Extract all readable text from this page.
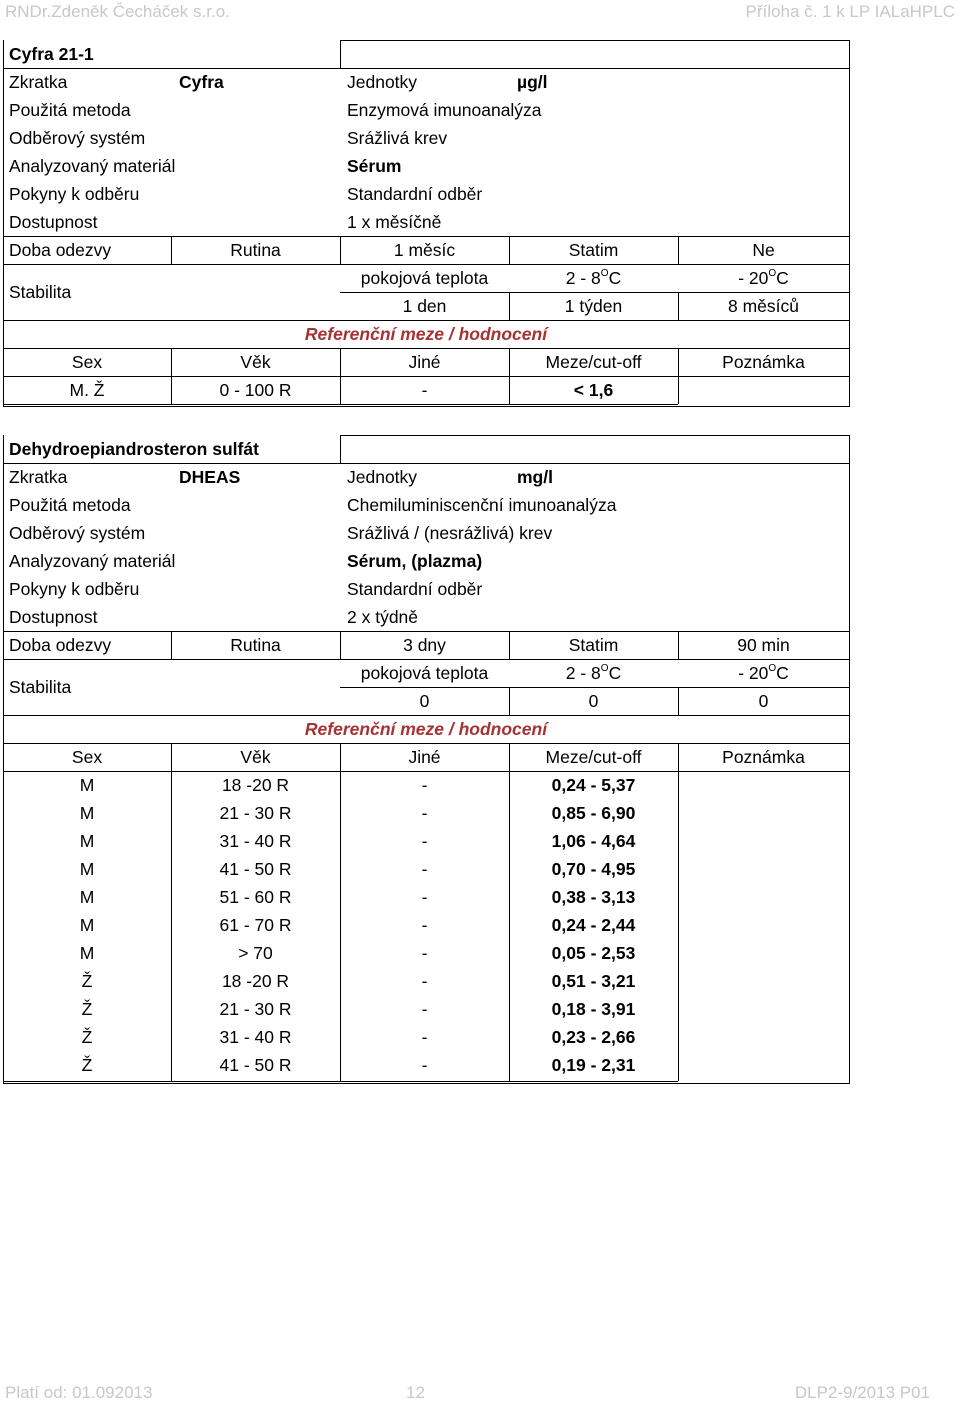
RNDr.Zdeněk Čecháček s.r.o.	Příloha č. 1 k LP IALaHPLC
Cyfra 21-1
Zkratka	Cyfra	Jednotky	µg/l
Použitá metoda	Enzymová imunoanalýza
Odběrový systém	Srážlivá krev
Analyzovaný materiál	Sérum
Pokyny k odběru	Standardní odběr
Dostupnost	1 x měsíčně
Doba odezvy	Rutina	1 měsíc	Statim	Ne
Stabilita
pokojová teplota	$2 - 8^OC$	- $20^OC$
1 den	1 týden	8 měsíců
Referenční meze / hodnocení
Sex	Věk	Jiné	Meze/cut-off	Poznámka
M. Ž	0 - 100 R	-	< 1,6
Dehydroepiandrosteron sulfát
Zkratka	DHEAS	Jednotky	mg/l
Použitá metoda	Chemiluminiscenční imunoanalýza
Odběrový systém	Srážlivá / (nesrážlivá) krev
Analyzovaný materiál	Sérum, (plazma)
Pokyny k odběru	Standardní odběr
Dostupnost	2 x týdně
Doba odezvy	Rutina	3 dny	Statim	90 min
Stabilita
pokojová teplota	$2 - 8^OC$	- $20^OC$
0	0	0
Referenční meze / hodnocení
Sex	Věk	Jiné	Meze/cut-off	Poznámka
M	18 -20 R	-	0,24 - 5,37
M	21 - 30 R	-	0,85 - 6,90
M	31 - 40 R	-	1,06 - 4,64
M	41 - 50 R	-	0,70 - 4,95
M	51 - 60 R	-	0,38 - 3,13
M	61 - 70 R	-	0,24 - 2,44
M	> 70	-	0,05 - 2,53
Ž	18 -20 R	-	0,51 - 3,21
Ž	21 - 30 R	-	0,18 - 3,91
Ž	31 - 40 R	-	0,23 - 2,66
Ž	41 - 50 R	-	0,19 - 2,31
Platí od: 01.092013	12	DLP2-9/2013 P01
